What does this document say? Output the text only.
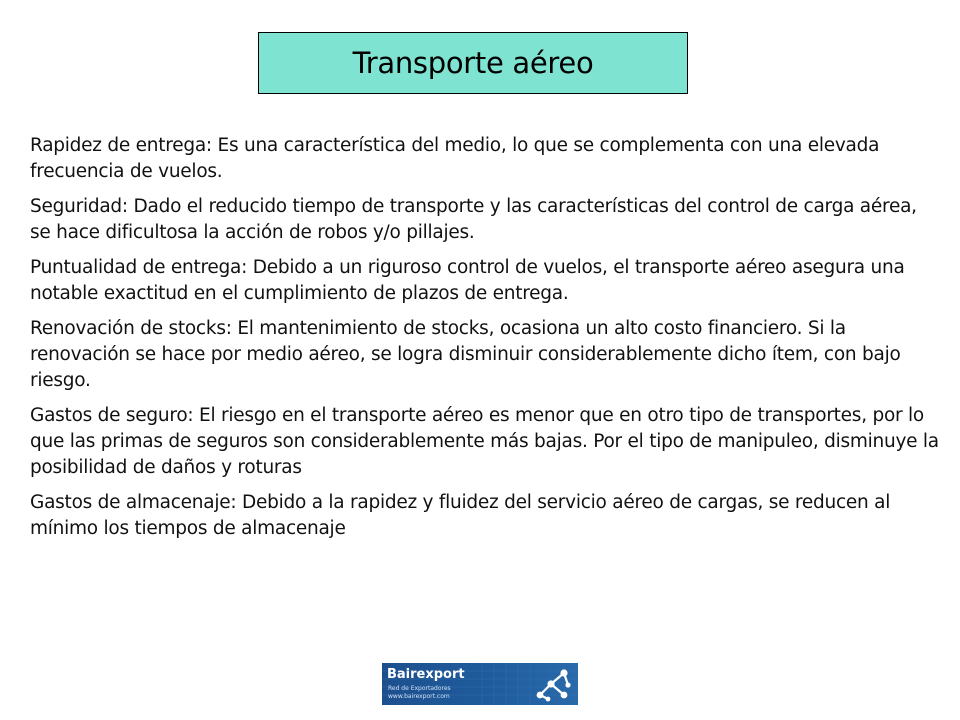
Transporte aéreo

Rapidez de entrega: Es una característica del medio, lo que se complementa con una elevada frecuencia de vuelos.

Seguridad: Dado el reducido tiempo de transporte y las características del control de carga aérea, se hace dificultosa la acción de robos y/o pillajes.

Puntualidad de entrega: Debido a un riguroso control de vuelos, el transporte aéreo asegura una notable exactitud en el cumplimiento de plazos de entrega.

Renovación de stocks: El mantenimiento de stocks, ocasiona un alto costo financiero. Si la renovación se hace por medio aéreo, se logra disminuir considerablemente dicho ítem, con bajo riesgo.

Gastos de seguro: El riesgo en el transporte aéreo es menor que en otro tipo de transportes, por lo que las primas de seguros son considerablemente más bajas. Por el tipo de manipuleo, disminuye la posibilidad de daños y roturas

Gastos de almacenaje: Debido a la rapidez y fluidez del servicio aéreo de cargas, se reducen al mínimo los tiempos de almacenaje

Bairexport
Red de Exportadores
www.bairexport.com
